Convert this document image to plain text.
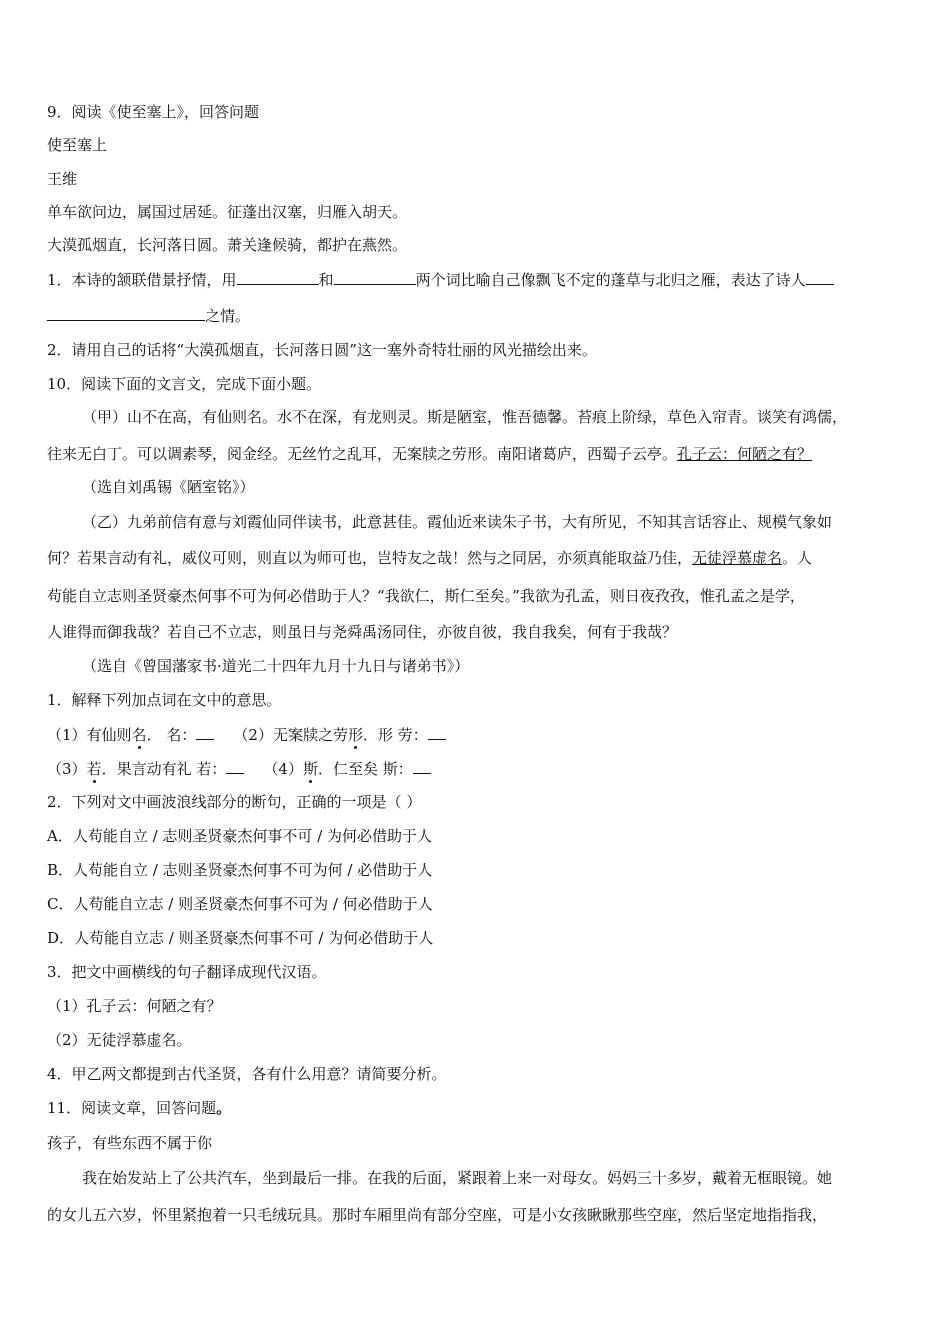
9．阅读《使至塞上》，回答问题
使至塞上
王维
单车欲问边，属国过居延。征蓬出汉塞，归雁入胡天。
大漠孤烟直，长河落日圆。萧关逢候骑，都护在燕然。
1．本诗的颔联借景抒情，用	和	两个词比喻自己像飘飞不定的蓬草与北归之雁，表达了诗人
之情。
2．请用自己的话将“大漠孤烟直，长河落日圆”这一塞外奇特壮丽的风光描绘出来。
10．阅读下面的文言文，完成下面小题。
（甲）山不在高，有仙则名。水不在深，有龙则灵。斯是陋室，惟吾德馨。苔痕上阶绿，草色入帘青。谈笑有鸿儒，
往来无白丁。可以调素琴，阅金经。无丝竹之乱耳，无案牍之劳形。南阳诸葛庐，西蜀子云亭。孔子云：何陋之有？
（选自刘禹锡《陋室铭》）
（乙）九弟前信有意与刘霞仙同伴读书，此意甚佳。霞仙近来读朱子书，大有所见，不知其言话容止、规模气象如
何？若果言动有礼，威仪可则，则直以为师可也，岂特友之哉！然与之同居，亦须真能取益乃佳，无徒浮慕虚名。人
苟能自立志则圣贤豪杰何事不可为何必借助于人？“我欲仁，斯仁至矣。”我欲为孔孟，则日夜孜孜，惟孔孟之是学，
人谁得而御我哉？若自己不立志，则虽日与尧舜禹汤同住，亦彼自彼，我自我矣，何有于我哉？
（选自《曾国藩家书·道光二十四年九月十九日与诸弟书》）
1．解释下列加点词在文中的意思。
（1）有仙则名． 名： （2）无案牍之劳形．形 劳：
（3）若．果言动有礼 若： （4）斯．仁至矣 斯：
2．下列对文中画波浪线部分的断句，正确的一项是（ ）
A．人苟能自立 / 志则圣贤豪杰何事不可 / 为何必借助于人
B．人苟能自立 / 志则圣贤豪杰何事不可为何 / 必借助于人
C．人苟能自立志 / 则圣贤豪杰何事不可为 / 何必借助于人
D．人苟能自立志 / 则圣贤豪杰何事不可 / 为何必借助于人
3．把文中画横线的句子翻译成现代汉语。
（1）孔子云：何陋之有？
（2）无徒浮慕虚名。
4．甲乙两文都提到古代圣贤，各有什么用意？请简要分析。
11．阅读文章，回答问题。
孩子，有些东西不属于你
我在始发站上了公共汽车，坐到最后一排。在我的后面，紧跟着上来一对母女。妈妈三十多岁，戴着无框眼镜。她
的女儿五六岁，怀里紧抱着一只毛绒玩具。那时车厢里尚有部分空座，可是小女孩瞅瞅那些空座，然后坚定地指指我，
